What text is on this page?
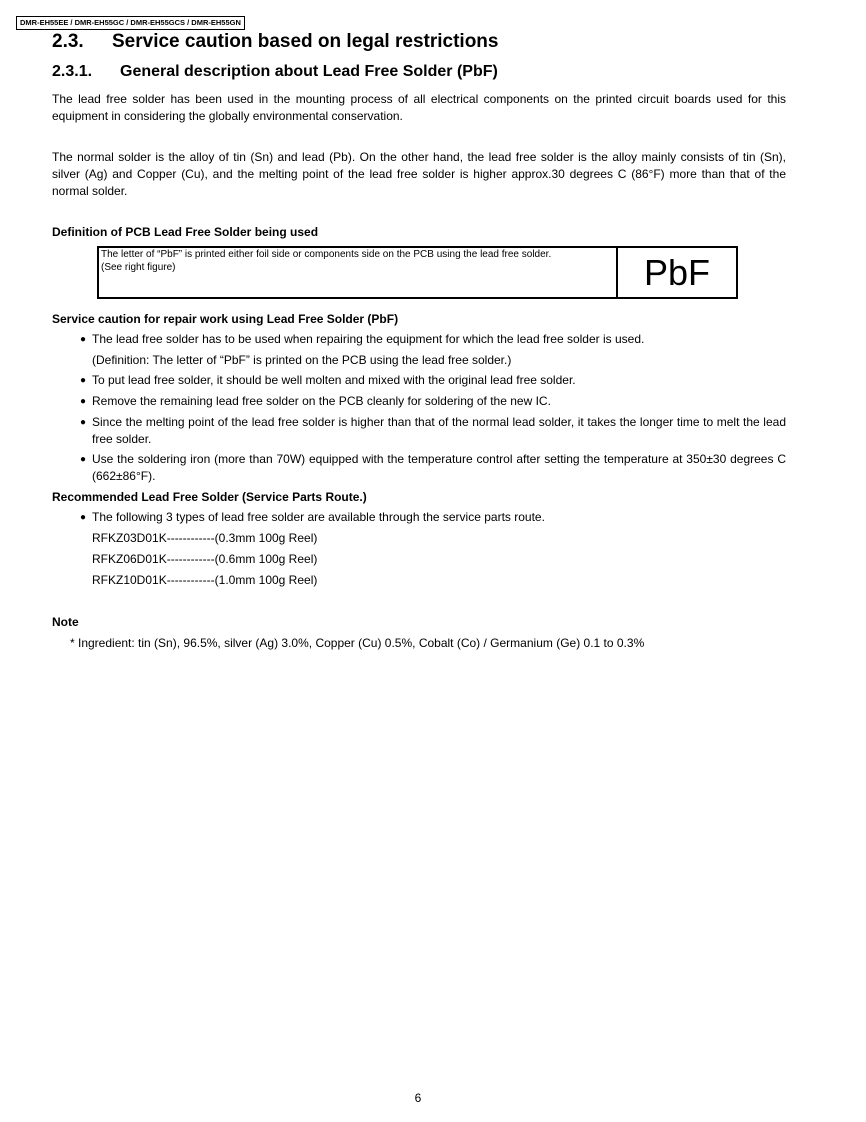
DMR-EH55EE / DMR-EH55GC / DMR-EH55GCS / DMR-EH55GN
2.3. Service caution based on legal restrictions
2.3.1. General description about Lead Free Solder (PbF)

The lead free solder has been used in the mounting process of all electrical components on the printed circuit boards used for this equipment in considering the globally environmental conservation.

The normal solder is the alloy of tin (Sn) and lead (Pb). On the other hand, the lead free solder is the alloy mainly consists of tin (Sn), silver (Ag) and Copper (Cu), and the melting point of the lead free solder is higher approx.30 degrees C (86°F) more than that of the normal solder.

Definition of PCB Lead Free Solder being used
The letter of “PbF” is printed either foil side or components side on the PCB using the lead free solder.
(See right figure)	PbF
Service caution for repair work using Lead Free Solder (PbF)
● The lead free solder has to be used when repairing the equipment for which the lead free solder is used.
(Definition: The letter of “PbF” is printed on the PCB using the lead free solder.)
● To put lead free solder, it should be well molten and mixed with the original lead free solder.
● Remove the remaining lead free solder on the PCB cleanly for soldering of the new IC.
● Since the melting point of the lead free solder is higher than that of the normal lead solder, it takes the longer time to melt the lead free solder.
● Use the soldering iron (more than 70W) equipped with the temperature control after setting the temperature at 350±30 degrees C (662±86°F).
Recommended Lead Free Solder (Service Parts Route.)
● The following 3 types of lead free solder are available through the service parts route.
RFKZ03D01K------------(0.3mm 100g Reel)
RFKZ06D01K------------(0.6mm 100g Reel)
RFKZ10D01K------------(1.0mm 100g Reel)
Note
* Ingredient: tin (Sn), 96.5%, silver (Ag) 3.0%, Copper (Cu) 0.5%, Cobalt (Co) / Germanium (Ge) 0.1 to 0.3%
6
